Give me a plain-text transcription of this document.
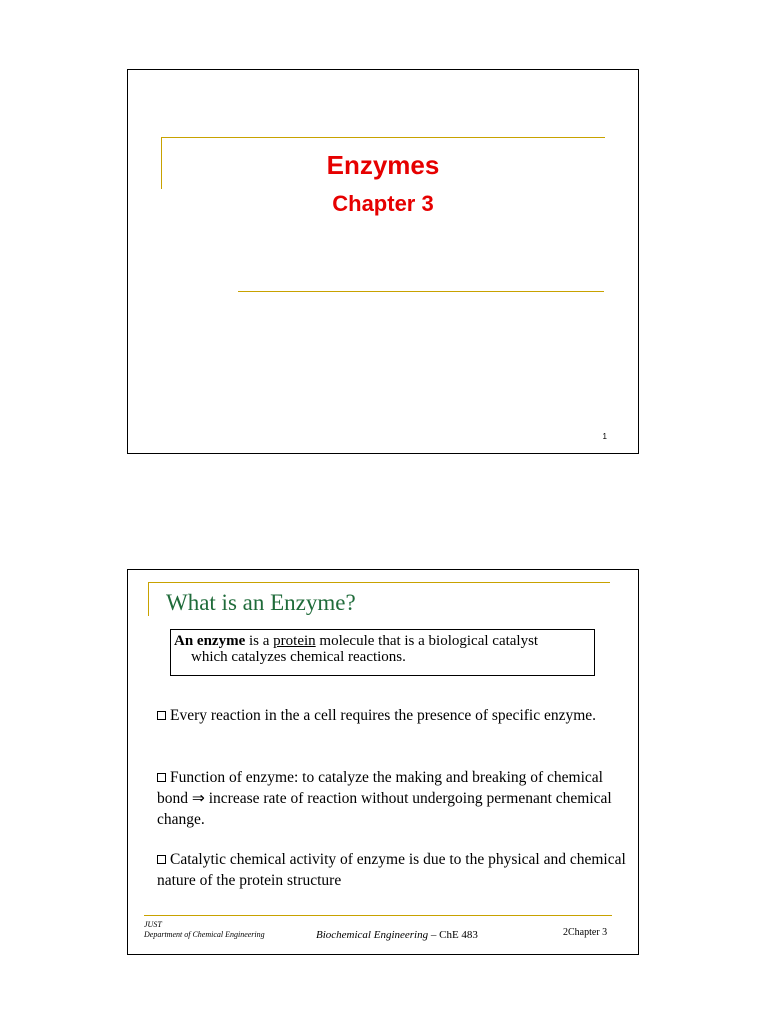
Enzymes
Chapter 3
1
What is an Enzyme?
An enzyme is a protein molecule that is a biological catalyst
which catalyzes chemical reactions.
Every reaction in the a cell requires the presence of specific enzyme.
Function of enzyme: to catalyze the making and breaking of chemical bond ⇒ increase rate of reaction without undergoing permenant chemical change.
Catalytic chemical activity of enzyme is due to the physical and chemical nature of the protein structure
JUST
Department of Chemical Engineering	Biochemical Engineering – ChE 483	2Chapter 3
